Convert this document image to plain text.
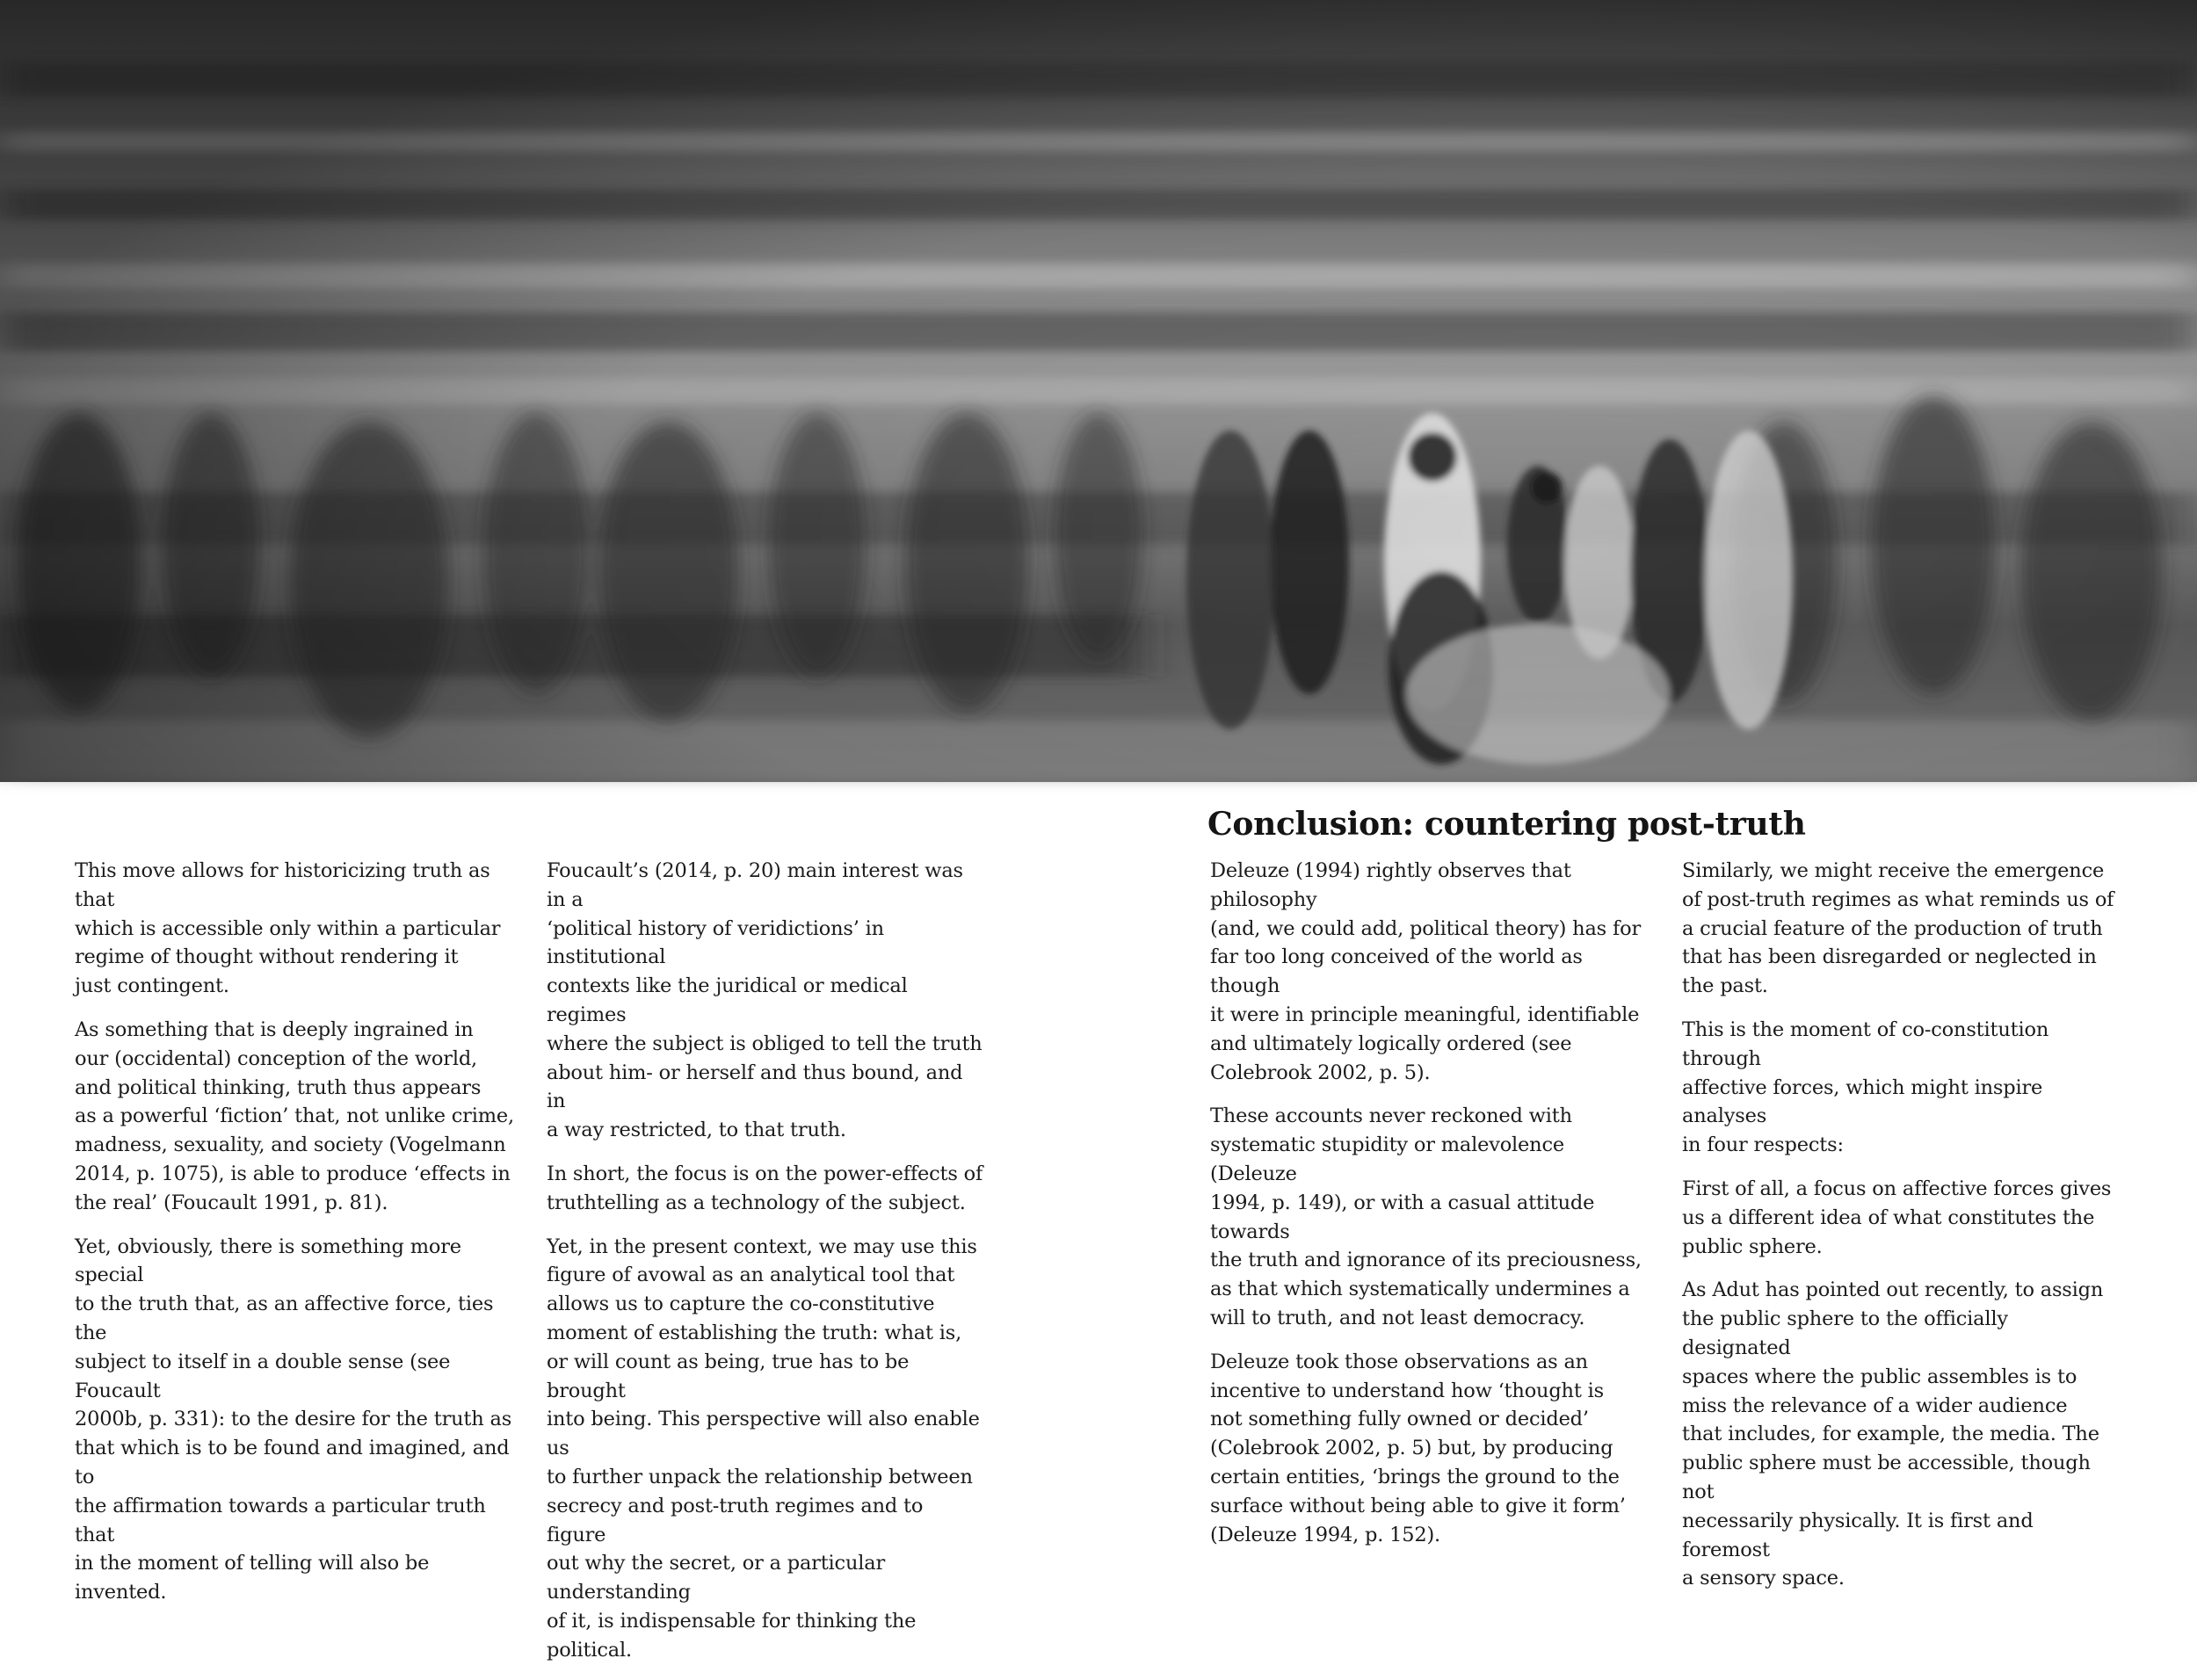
Conclusion: countering post-truth

This move allows for historicizing truth as that
which is accessible only within a particular
regime of thought without rendering it
just contingent.

As something that is deeply ingrained in
our (occidental) conception of the world,
and political thinking, truth thus appears
as a powerful ‘fiction’ that, not unlike crime,
madness, sexuality, and society (Vogelmann
2014, p. 1075), is able to produce ‘effects in
the real’ (Foucault 1991, p. 81).

Yet, obviously, there is something more special
to the truth that, as an affective force, ties the
subject to itself in a double sense (see Foucault
2000b, p. 331): to the desire for the truth as
that which is to be found and imagined, and to
the affirmation towards a particular truth that
in the moment of telling will also be invented.

Foucault’s (2014, p. 20) main interest was in a
‘political history of veridictions’ in institutional
contexts like the juridical or medical regimes
where the subject is obliged to tell the truth
about him- or herself and thus bound, and in
a way restricted, to that truth.

In short, the focus is on the power-effects of
truthtelling as a technology of the subject.

Yet, in the present context, we may use this
figure of avowal as an analytical tool that
allows us to capture the co-constitutive
moment of establishing the truth: what is,
or will count as being, true has to be brought
into being. This perspective will also enable us
to further unpack the relationship between
secrecy and post-truth regimes and to figure
out why the secret, or a particular understanding
of it, is indispensable for thinking the political.

Deleuze (1994) rightly observes that philosophy
(and, we could add, political theory) has for
far too long conceived of the world as though
it were in principle meaningful, identifiable
and ultimately logically ordered (see
Colebrook 2002, p. 5).

These accounts never reckoned with
systematic stupidity or malevolence (Deleuze
1994, p. 149), or with a casual attitude towards
the truth and ignorance of its preciousness,
as that which systematically undermines a
will to truth, and not least democracy.

Deleuze took those observations as an
incentive to understand how ‘thought is
not something fully owned or decided’
(Colebrook 2002, p. 5) but, by producing
certain entities, ‘brings the ground to the
surface without being able to give it form’
(Deleuze 1994, p. 152).

Similarly, we might receive the emergence
of post-truth regimes as what reminds us of
a crucial feature of the production of truth
that has been disregarded or neglected in
the past.

This is the moment of co-constitution through
affective forces, which might inspire analyses
in four respects:

First of all, a focus on affective forces gives
us a different idea of what constitutes the
public sphere.

As Adut has pointed out recently, to assign
the public sphere to the officially designated
spaces where the public assembles is to
miss the relevance of a wider audience
that includes, for example, the media. The
public sphere must be accessible, though not
necessarily physically. It is first and foremost
a sensory space.
